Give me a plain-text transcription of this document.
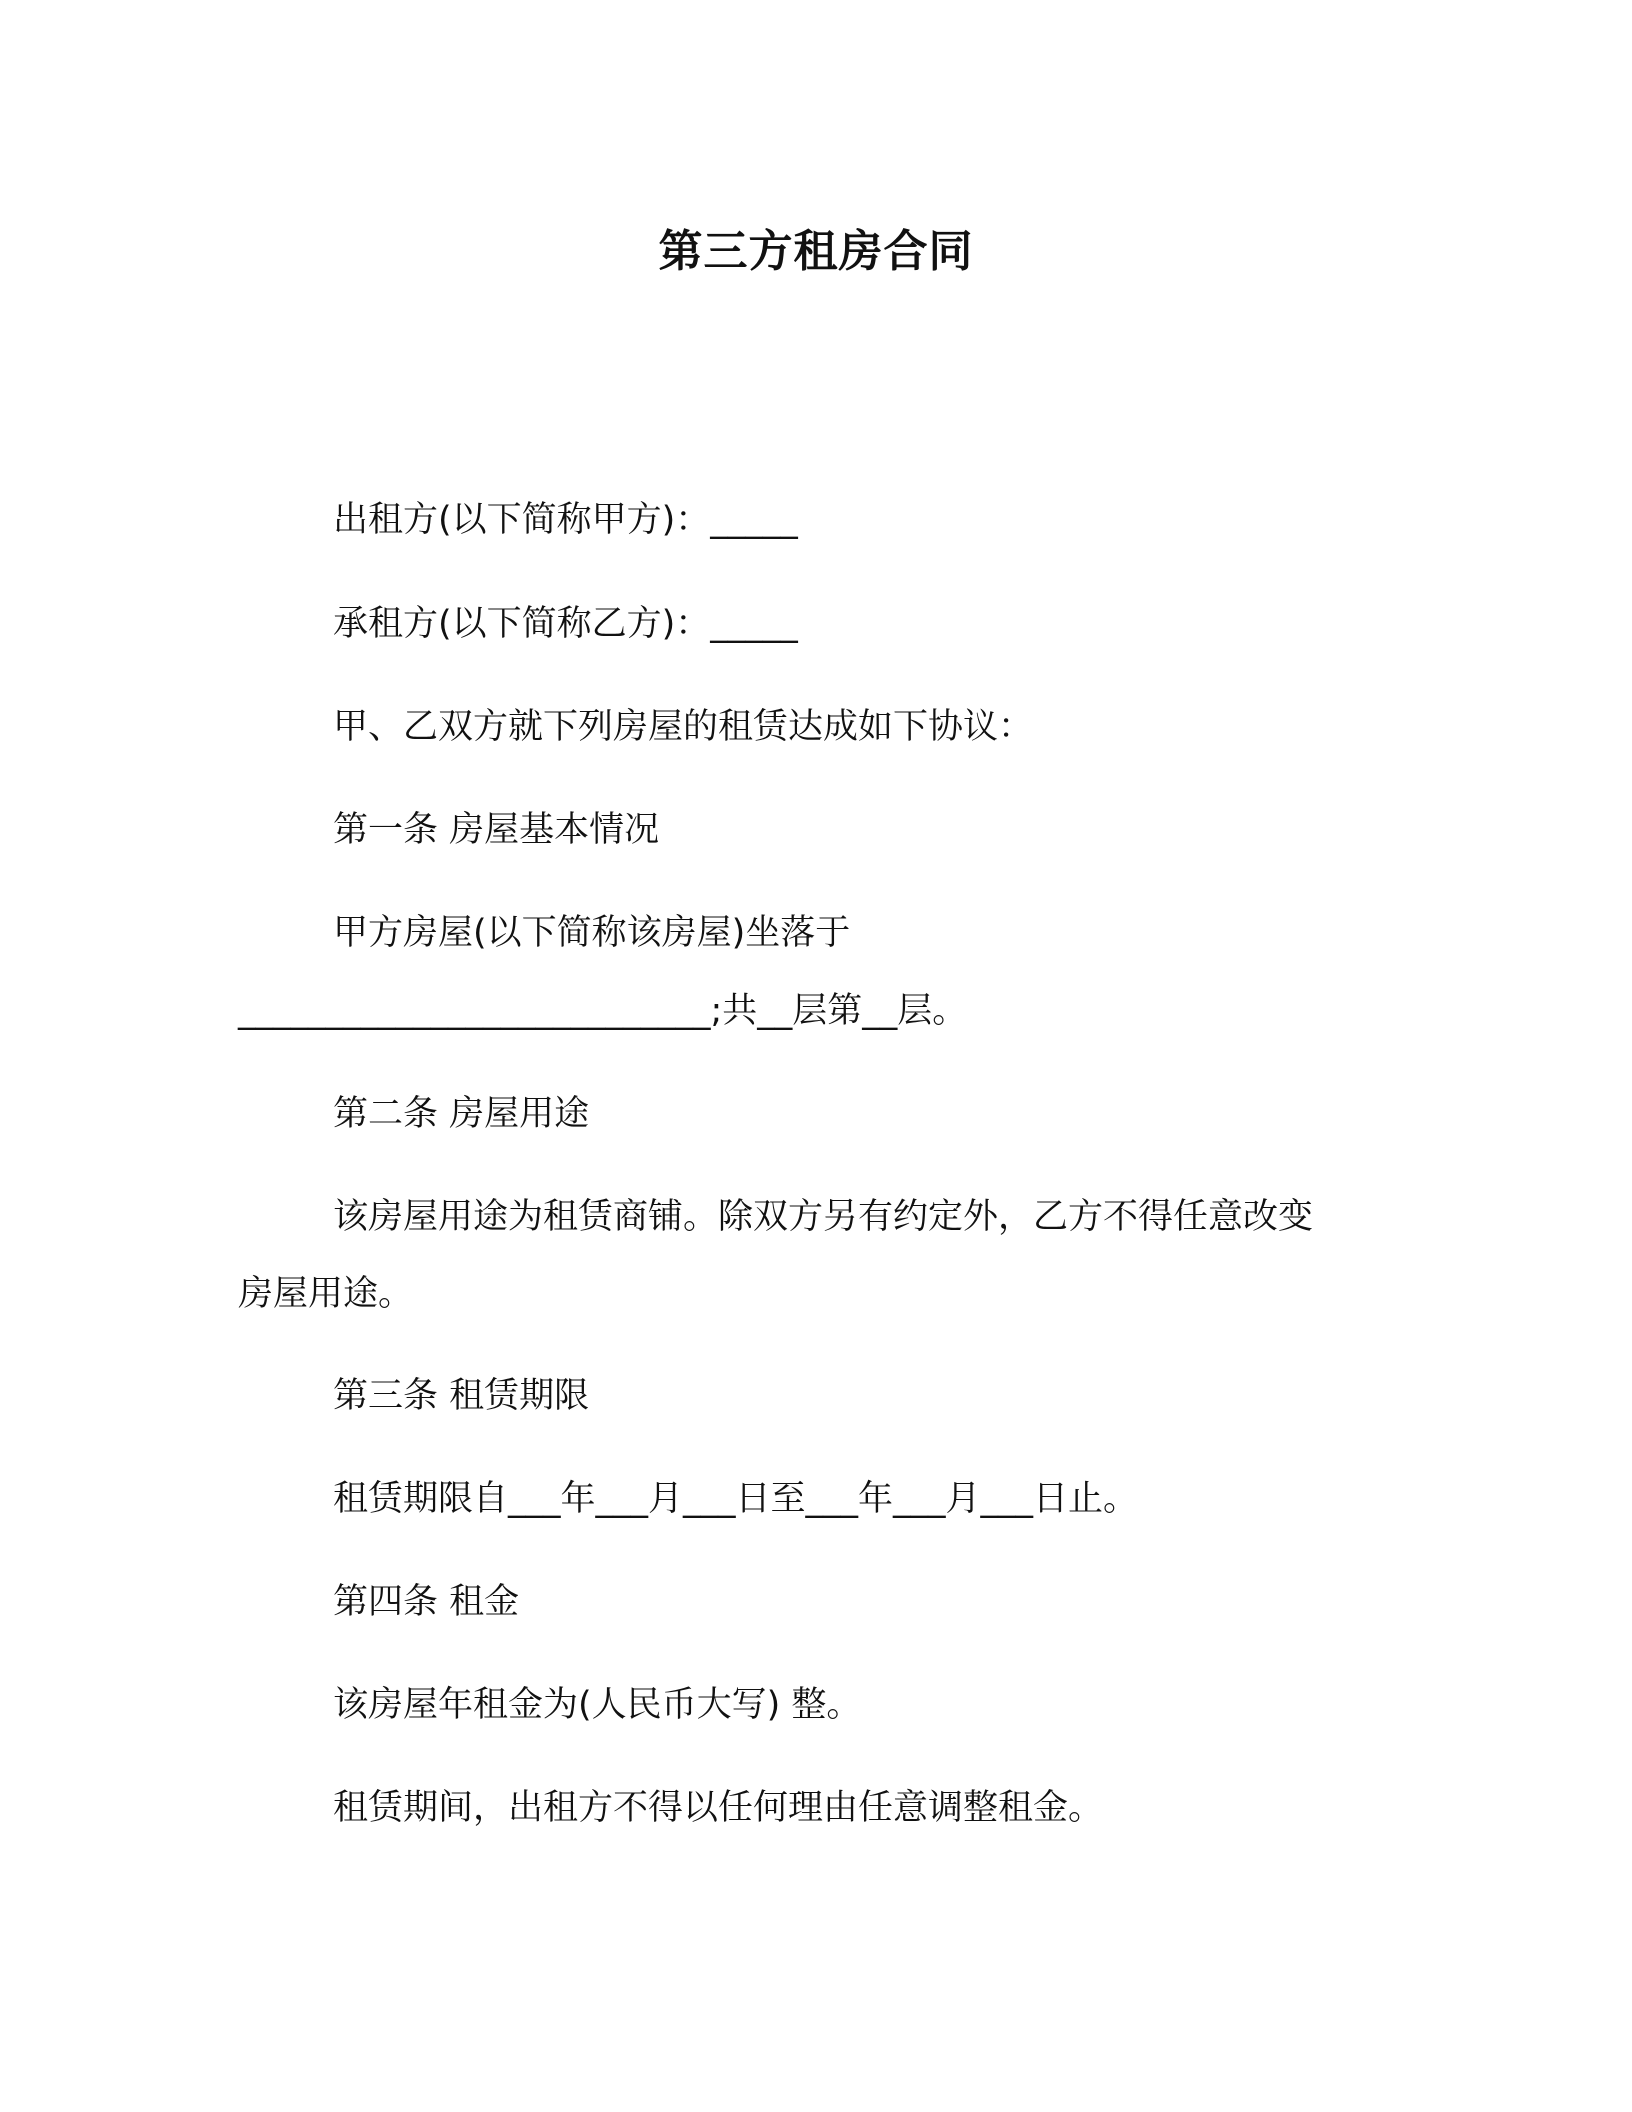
第三方租房合同
出租方(以下简称甲方)：_____
承租方(以下简称乙方)：_____
甲、乙双方就下列房屋的租赁达成如下协议：
第一条 房屋基本情况
甲方房屋(以下简称该房屋)坐落于
___________________________;共__层第__层。
第二条 房屋用途
该房屋用途为租赁商铺。除双方另有约定外，乙方不得任意改变
房屋用途。
第三条 租赁期限
租赁期限自___年___月___日至___年___月___日止。
第四条 租金
该房屋年租金为(人民币大写) 整。
租赁期间，出租方不得以任何理由任意调整租金。
